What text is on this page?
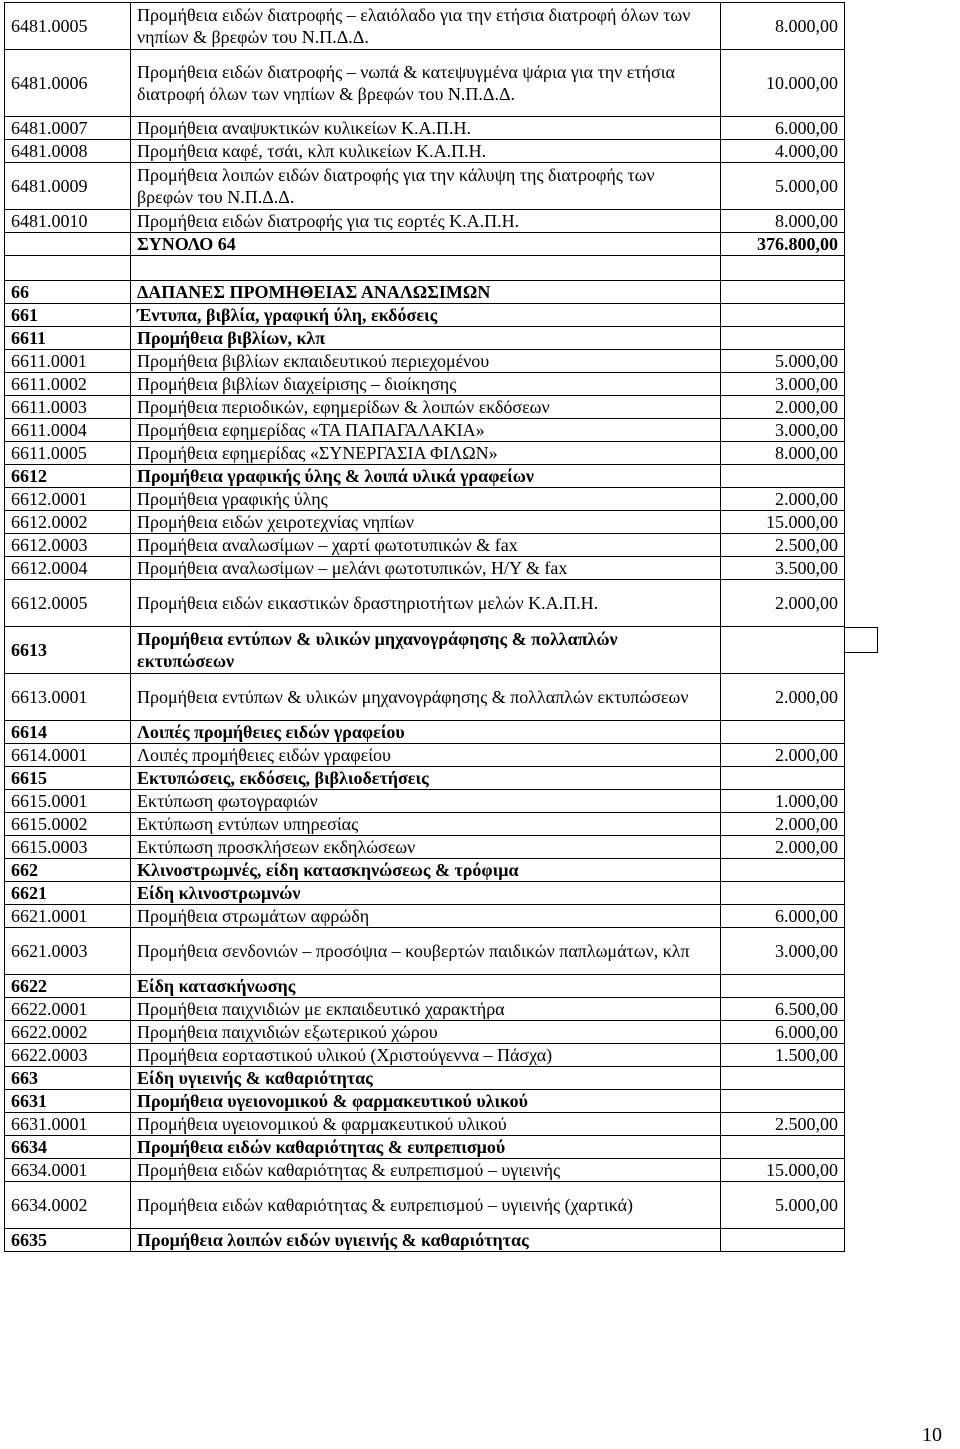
6481.0005	Προμήθεια ειδών διατροφής – ελαιόλαδο για την ετήσια διατροφή όλων των νηπίων & βρεφών του Ν.Π.Δ.Δ.	8.000,00
6481.0006	Προμήθεια ειδών διατροφής – νωπά & κατεψυγμένα ψάρια για την ετήσια διατροφή όλων των νηπίων & βρεφών του Ν.Π.Δ.Δ.	10.000,00
6481.0007	Προμήθεια αναψυκτικών κυλικείων Κ.Α.Π.Η.	6.000,00
6481.0008	Προμήθεια καφέ, τσάι, κλπ κυλικείων Κ.Α.Π.Η.	4.000,00
6481.0009	Προμήθεια λοιπών ειδών διατροφής για την κάλυψη της διατροφής των βρεφών του Ν.Π.Δ.Δ.	5.000,00
6481.0010	Προμήθεια ειδών διατροφής για τις εορτές Κ.Α.Π.Η.	8.000,00
	ΣΥΝΟΛΟ 64	376.800,00

66	ΔΑΠΑΝΕΣ ΠΡΟΜΗΘΕΙΑΣ ΑΝΑΛΩΣΙΜΩΝ	
661	Έντυπα, βιβλία, γραφική ύλη, εκδόσεις	
6611	Προμήθεια βιβλίων, κλπ	
6611.0001	Προμήθεια βιβλίων εκπαιδευτικού περιεχομένου	5.000,00
6611.0002	Προμήθεια βιβλίων διαχείρισης – διοίκησης	3.000,00
6611.0003	Προμήθεια περιοδικών, εφημερίδων & λοιπών εκδόσεων	2.000,00
6611.0004	Προμήθεια εφημερίδας «ΤΑ ΠΑΠΑΓΑΛΑΚΙΑ»	3.000,00
6611.0005	Προμήθεια εφημερίδας «ΣΥΝΕΡΓΑΣΙΑ ΦΙΛΩΝ»	8.000,00
6612	Προμήθεια γραφικής ύλης & λοιπά υλικά γραφείων	
6612.0001	Προμήθεια γραφικής ύλης	2.000,00
6612.0002	Προμήθεια ειδών χειροτεχνίας νηπίων	15.000,00
6612.0003	Προμήθεια αναλωσίμων – χαρτί φωτοτυπικών & fax	2.500,00
6612.0004	Προμήθεια αναλωσίμων – μελάνι φωτοτυπικών, Η/Υ & fax	3.500,00
6612.0005	Προμήθεια ειδών εικαστικών δραστηριοτήτων μελών Κ.Α.Π.Η.	2.000,00
6613	Προμήθεια εντύπων & υλικών μηχανογράφησης & πολλαπλών εκτυπώσεων	
6613.0001	Προμήθεια εντύπων & υλικών μηχανογράφησης & πολλαπλών εκτυπώσεων	2.000,00
6614	Λοιπές προμήθειες ειδών γραφείου	
6614.0001	Λοιπές προμήθειες ειδών γραφείου	2.000,00
6615	Εκτυπώσεις, εκδόσεις, βιβλιοδετήσεις	
6615.0001	Εκτύπωση φωτογραφιών	1.000,00
6615.0002	Εκτύπωση εντύπων υπηρεσίας	2.000,00
6615.0003	Εκτύπωση προσκλήσεων εκδηλώσεων	2.000,00
662	Κλινοστρωμνές, είδη κατασκηνώσεως & τρόφιμα	
6621	Είδη κλινοστρωμνών	
6621.0001	Προμήθεια στρωμάτων αφρώδη	6.000,00
6621.0003	Προμήθεια σενδονιών – προσόψια – κουβερτών παιδικών παπλωμάτων, κλπ	3.000,00
6622	Είδη κατασκήνωσης	
6622.0001	Προμήθεια παιχνιδιών με εκπαιδευτικό χαρακτήρα	6.500,00
6622.0002	Προμήθεια παιχνιδιών εξωτερικού χώρου	6.000,00
6622.0003	Προμήθεια εορταστικού υλικού (Χριστούγεννα – Πάσχα)	1.500,00
663	Είδη υγιεινής & καθαριότητας	
6631	Προμήθεια υγειονομικού & φαρμακευτικού υλικού	
6631.0001	Προμήθεια υγειονομικού & φαρμακευτικού υλικού	2.500,00
6634	Προμήθεια ειδών καθαριότητας & ευπρεπισμού	
6634.0001	Προμήθεια ειδών καθαριότητας & ευπρεπισμού – υγιεινής	15.000,00
6634.0002	Προμήθεια ειδών καθαριότητας & ευπρεπισμού – υγιεινής (χαρτικά)	5.000,00
6635	Προμήθεια λοιπών ειδών υγιεινής & καθαριότητας	
10
